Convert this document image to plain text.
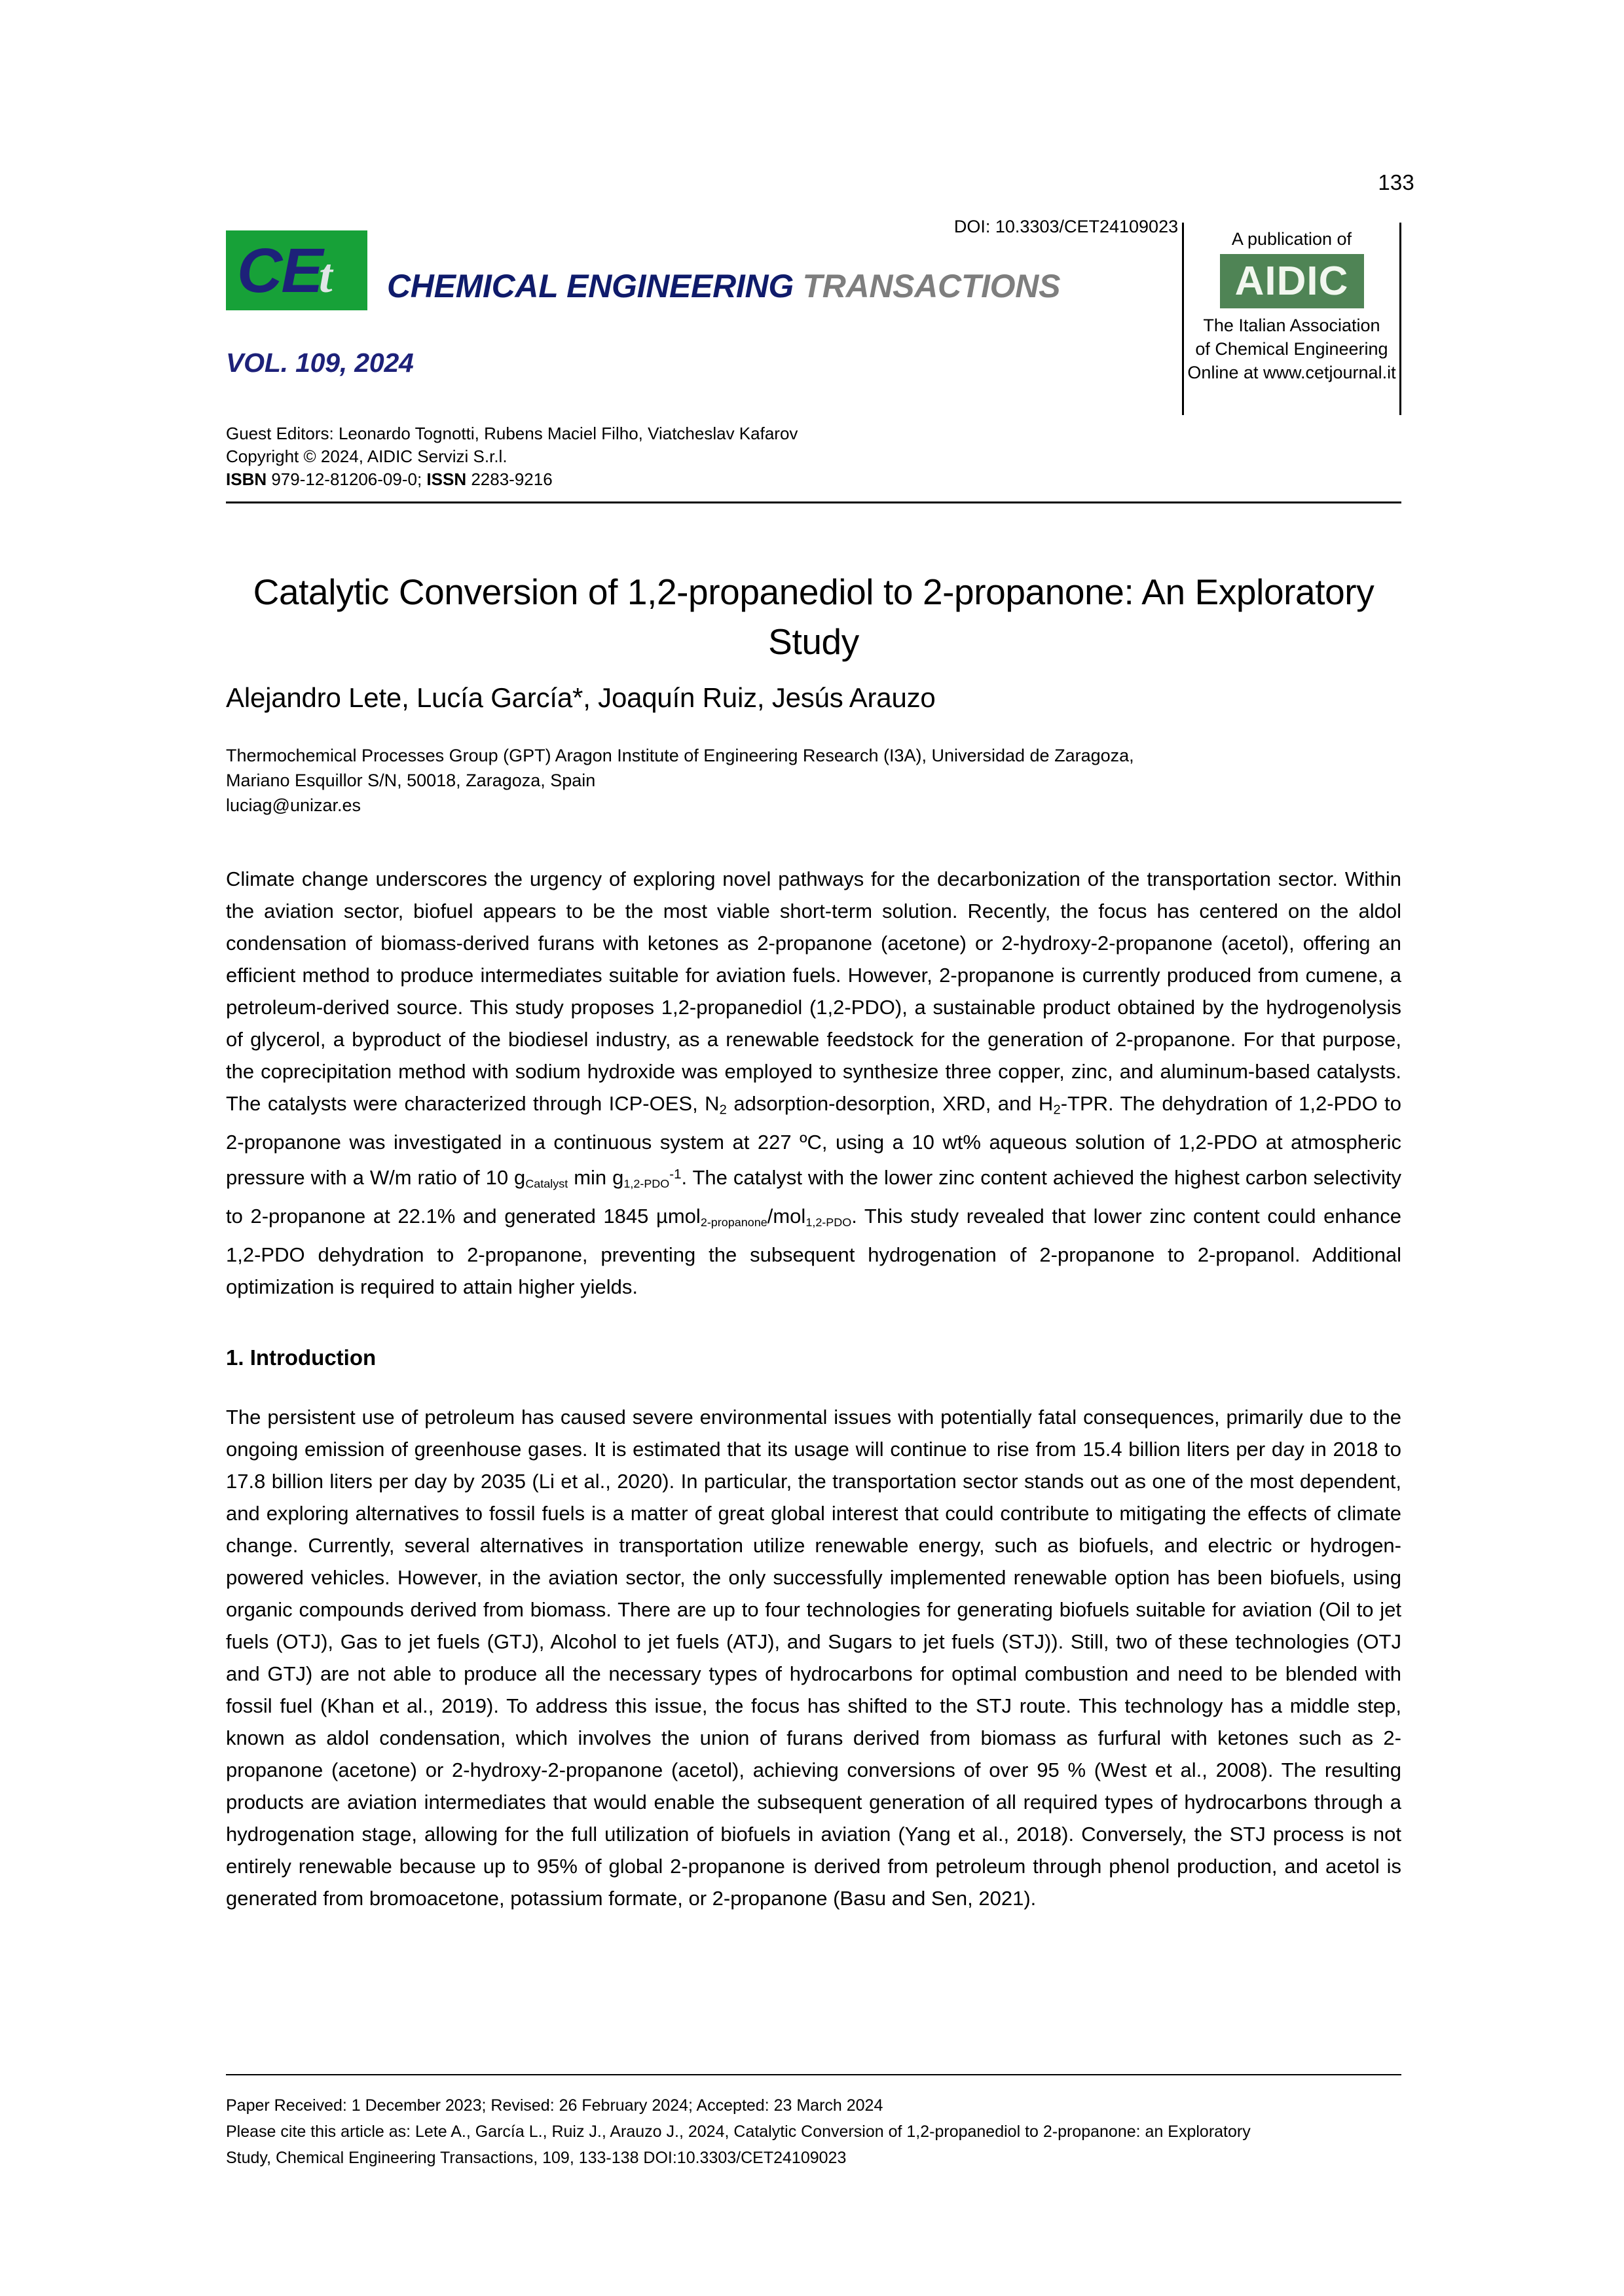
133
CE
t CHEMICAL ENGINEERING TRANSACTIONS
VOL. 109, 2024
A publication of
AIDIC
The Italian Association
of Chemical Engineering
Online at www.cetjournal.it
DOI: 10.3303/CET24109023
Guest Editors: Leonardo Tognotti, Rubens Maciel Filho, Viatcheslav Kafarov
Copyright © 2024, AIDIC Servizi S.r.l.
ISBN 979-12-81206-09-0; ISSN 2283-9216
Catalytic Conversion of 1,2-propanediol to 2-propanone: An Exploratory Study
Alejandro Lete, Lucía García*, Joaquín Ruiz, Jesús Arauzo
Thermochemical Processes Group (GPT) Aragon Institute of Engineering Research (I3A), Universidad de Zaragoza,
Mariano Esquillor S/N, 50018, Zaragoza, Spain
luciag@unizar.es
Climate change underscores the urgency of exploring novel pathways for the decarbonization of the transportation sector. Within the aviation sector, biofuel appears to be the most viable short-term solution. Recently, the focus has centered on the aldol condensation of biomass-derived furans with ketones as 2-propanone (acetone) or 2-hydroxy-2-propanone (acetol), offering an efficient method to produce intermediates suitable for aviation fuels. However, 2-propanone is currently produced from cumene, a petroleum-derived source. This study proposes 1,2-propanediol (1,2-PDO), a sustainable product obtained by the hydrogenolysis of glycerol, a byproduct of the biodiesel industry, as a renewable feedstock for the generation of 2-propanone. For that purpose, the coprecipitation method with sodium hydroxide was employed to synthesize three copper, zinc, and aluminum-based catalysts. The catalysts were characterized through ICP-OES, $N_2$ adsorption-desorption, XRD, and $H_2$-TPR. The dehydration of 1,2-PDO to 2-propanone was investigated in a continuous system at 227 ºC, using a 10 wt% aqueous solution of 1,2-PDO at atmospheric pressure with a W/m ratio of 10 $g_{Catalyst}$ $\min g_{1,2-PDO}^{-1}$. The catalyst with the lower zinc content achieved the highest carbon selectivity to 2-propanone at 22.1% and generated 1845 µmol$_{2-propanone}$/mol$_{1,2-PDO}$. This study revealed that lower zinc content could enhance 1,2-PDO dehydration to 2-propanone, preventing the subsequent hydrogenation of 2-propanone to 2-propanol. Additional optimization is required to attain higher yields.
1. Introduction
The persistent use of petroleum has caused severe environmental issues with potentially fatal consequences, primarily due to the ongoing emission of greenhouse gases. It is estimated that its usage will continue to rise from 15.4 billion liters per day in 2018 to 17.8 billion liters per day by 2035 (Li et al., 2020). In particular, the transportation sector stands out as one of the most dependent, and exploring alternatives to fossil fuels is a matter of great global interest that could contribute to mitigating the effects of climate change. Currently, several alternatives in transportation utilize renewable energy, such as biofuels, and electric or hydrogen-powered vehicles. However, in the aviation sector, the only successfully implemented renewable option has been biofuels, using organic compounds derived from biomass. There are up to four technologies for generating biofuels suitable for aviation (Oil to jet fuels (OTJ), Gas to jet fuels (GTJ), Alcohol to jet fuels (ATJ), and Sugars to jet fuels (STJ)). Still, two of these technologies (OTJ and GTJ) are not able to produce all the necessary types of hydrocarbons for optimal combustion and need to be blended with fossil fuel (Khan et al., 2019). To address this issue, the focus has shifted to the STJ route. This technology has a middle step, known as aldol condensation, which involves the union of furans derived from biomass as furfural with ketones such as 2-propanone (acetone) or 2-hydroxy-2-propanone (acetol), achieving conversions of over 95 % (West et al., 2008). The resulting products are aviation intermediates that would enable the subsequent generation of all required types of hydrocarbons through a hydrogenation stage, allowing for the full utilization of biofuels in aviation (Yang et al., 2018). Conversely, the STJ process is not entirely renewable because up to 95% of global 2-propanone is derived from petroleum through phenol production, and acetol is generated from bromoacetone, potassium formate, or 2-propanone (Basu and Sen, 2021).
Paper Received: 1 December 2023; Revised: 26 February 2024; Accepted: 23 March 2024
Please cite this article as: Lete A., García L., Ruiz J., Arauzo J., 2024, Catalytic Conversion of 1,2-propanediol to 2-propanone: an Exploratory
Study, Chemical Engineering Transactions, 109, 133-138 DOI:10.3303/CET24109023
